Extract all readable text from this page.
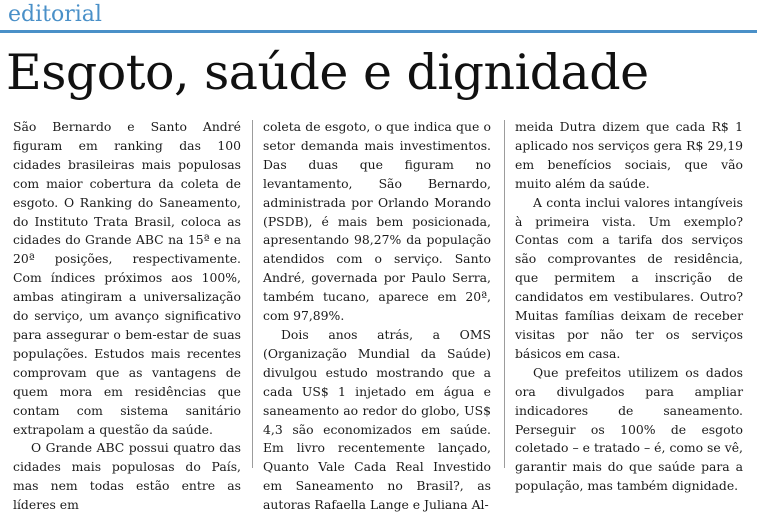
editorial
Esgoto, saúde e dignidade

São Bernardo e Santo André figuram em ranking das 100 cidades brasileiras mais populosas com maior cobertura da coleta de esgoto. O Ranking do Saneamento, do Instituto Trata Brasil, coloca as cidades do Grande ABC na 15ª e na 20ª posições, respectivamente. Com índices próximos aos 100%, ambas atingiram a universalização do serviço, um avanço significativo para assegurar o bem-estar de suas populações. Estudos mais recentes comprovam que as vantagens de quem mora em residências que contam com sistema sanitário extrapolam a questão da saúde.

O Grande ABC possui quatro das cidades mais populosas do País, mas nem todas estão entre as líderes em

coleta de esgoto, o que indica que o setor demanda mais investimentos. Das duas que figuram no levantamento, São Bernardo, administrada por Orlando Morando (PSDB), é mais bem posicionada, apresentando 98,27% da população atendidos com o serviço. Santo André, governada por Paulo Serra, também tucano, aparece em 20ª, com 97,89%.

Dois anos atrás, a OMS (Organização Mundial da Saúde) divulgou estudo mostrando que a cada US$ 1 injetado em água e saneamento ao redor do globo, US$ 4,3 são economizados em saúde. Em livro recentemente lançado, Quanto Vale Cada Real Investido em Saneamento no Brasil?, as autoras Rafaella Lange e Juliana Al-

meida Dutra dizem que cada R$ 1 aplicado nos serviços gera R$ 29,19 em benefícios sociais, que vão muito além da saúde.

A conta inclui valores intangíveis à primeira vista. Um exemplo? Contas com a tarifa dos serviços são comprovantes de residência, que permitem a inscrição de candidatos em vestibulares. Outro? Muitas famílias deixam de receber visitas por não ter os serviços básicos em casa.

Que prefeitos utilizem os dados ora divulgados para ampliar indicadores de saneamento. Perseguir os 100% de esgoto coletado – e tratado – é, como se vê, garantir mais do que saúde para a população, mas também dignidade.
